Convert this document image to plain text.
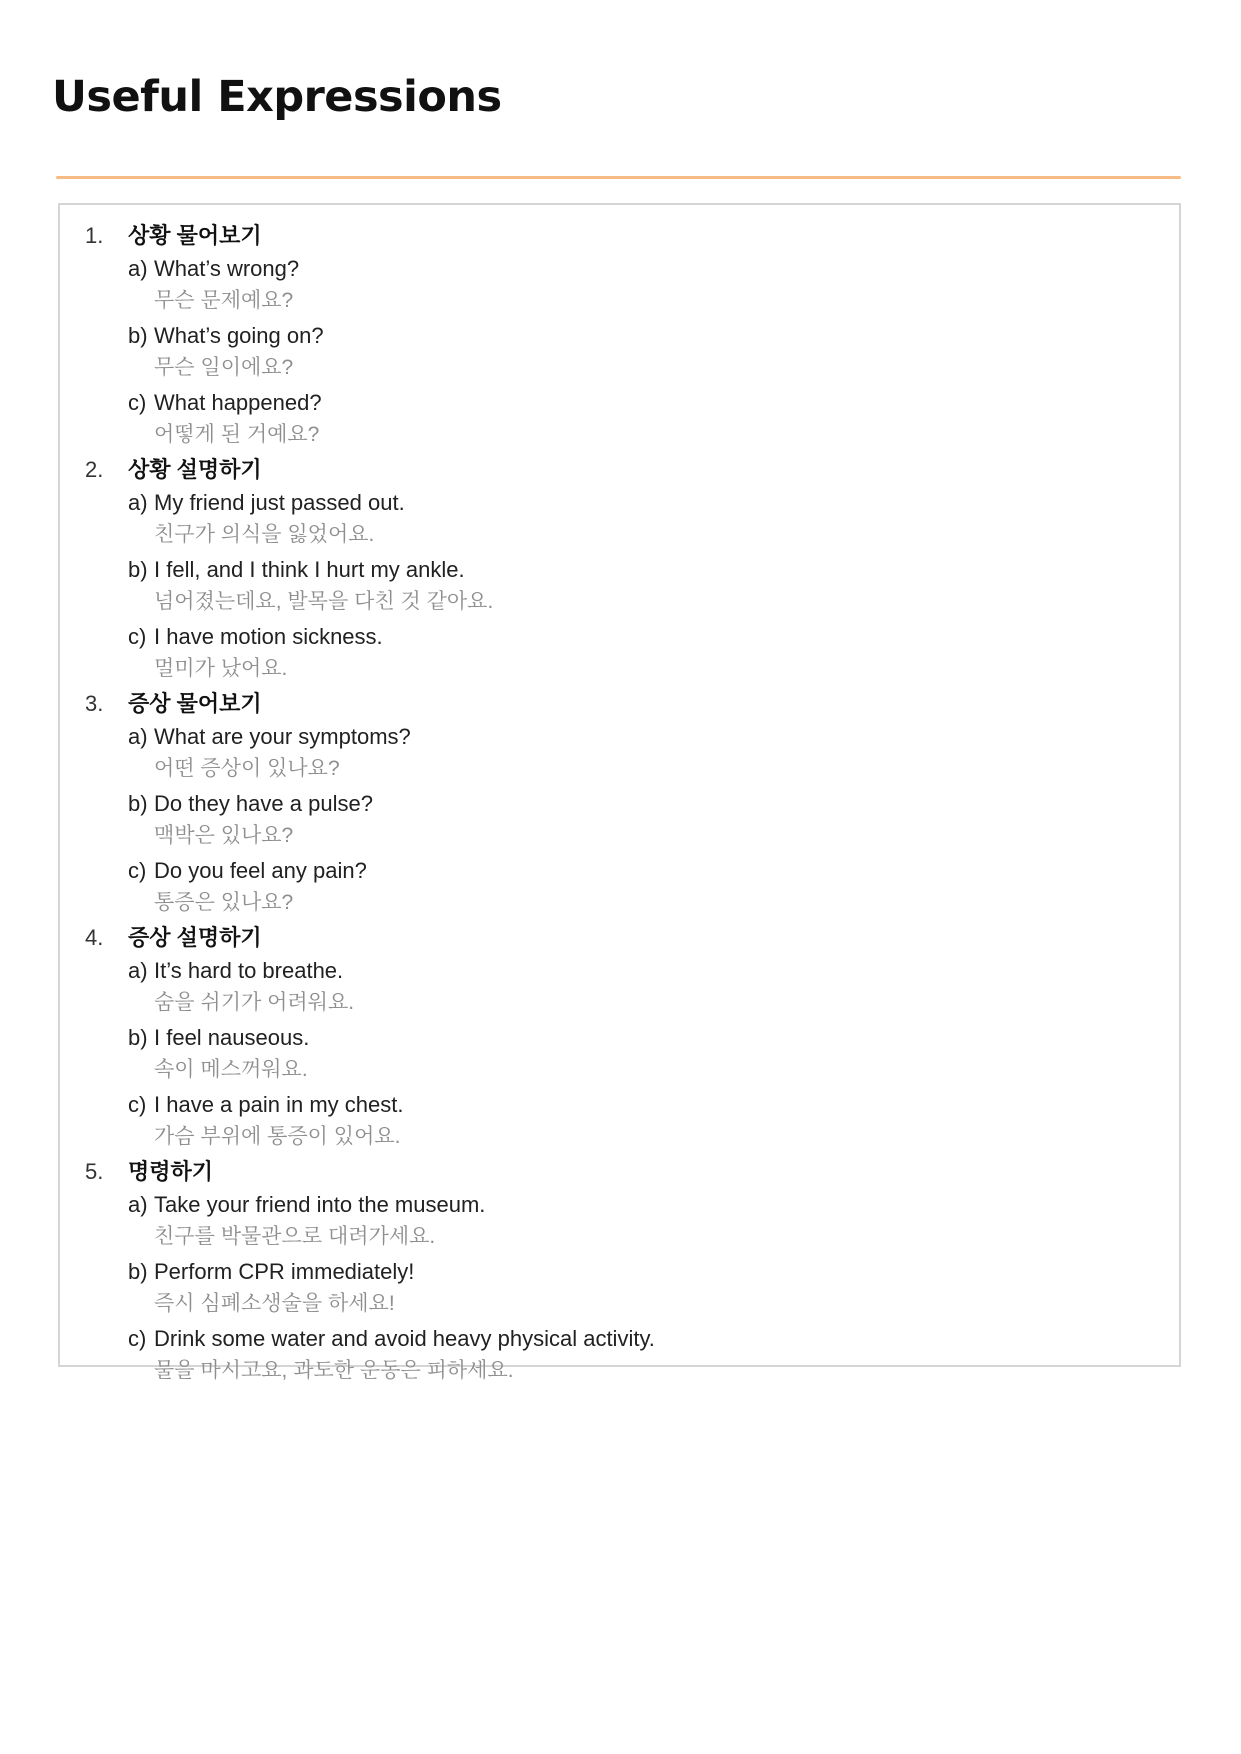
Useful Expressions
1.	상황 물어보기
a) What’s wrong?
무슨 문제예요?
b) What’s going on?
무슨 일이에요?
c) What happened?
어떻게 된 거예요?
2.	상황 설명하기
a) My friend just passed out.
친구가 의식을 잃었어요.
b) I fell, and I think I hurt my ankle.
넘어졌는데요, 발목을 다친 것 같아요.
c) I have motion sickness.
멀미가 났어요.
3.	증상 물어보기
a) What are your symptoms?
어떤 증상이 있나요?
b) Do they have a pulse?
맥박은 있나요?
c) Do you feel any pain?
통증은 있나요?
4.	증상 설명하기
a) It’s hard to breathe.
숨을 쉬기가 어려워요.
b) I feel nauseous.
속이 메스꺼워요.
c) I have a pain in my chest.
가슴 부위에 통증이 있어요.
5.	명령하기
a) Take your friend into the museum.
친구를 박물관으로 대려가세요.
b) Perform CPR immediately!
즉시 심폐소생술을 하세요!
c) Drink some water and avoid heavy physical activity.
물을 마시고요, 과도한 운동은 피하세요.
